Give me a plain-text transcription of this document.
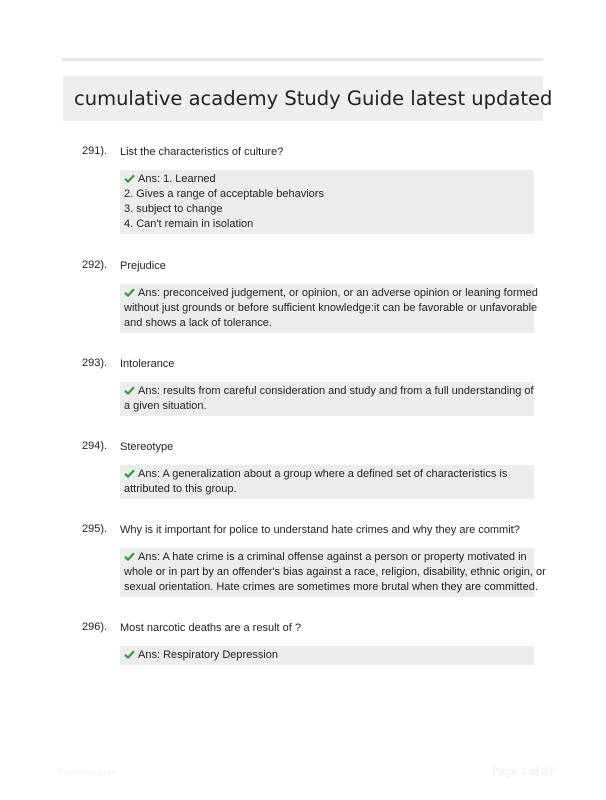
cumulative academy Study Guide latest updated
291). List the characteristics of culture?
Ans: 1. Learned
2. Gives a range of acceptable behaviors
3. subject to change
4. Can't remain in isolation
292). Prejudice
Ans: preconceived judgement, or opinion, or an adverse opinion or leaning formed
without just grounds or before sufficient knowledge:it can be favorable or unfavorable
and shows a lack of tolerance.
293). Intolerance
Ans: results from careful consideration and study and from a full understanding of
a given situation.
294). Stereotype
Ans: A generalization about a group where a defined set of characteristics is
attributed to this group.
295). Why is it important for police to understand hate crimes and why they are commit?
Ans: A hate crime is a criminal offense against a person or property motivated in
whole or in part by an offender's bias against a race, religion, disability, ethnic origin, or
sexual orientation. Hate crimes are sometimes more brutal when they are committed.
296). Most narcotic deaths are a result of ?
Ans: Respiratory Depression
Paperbbc.com	Page 1 of 27
